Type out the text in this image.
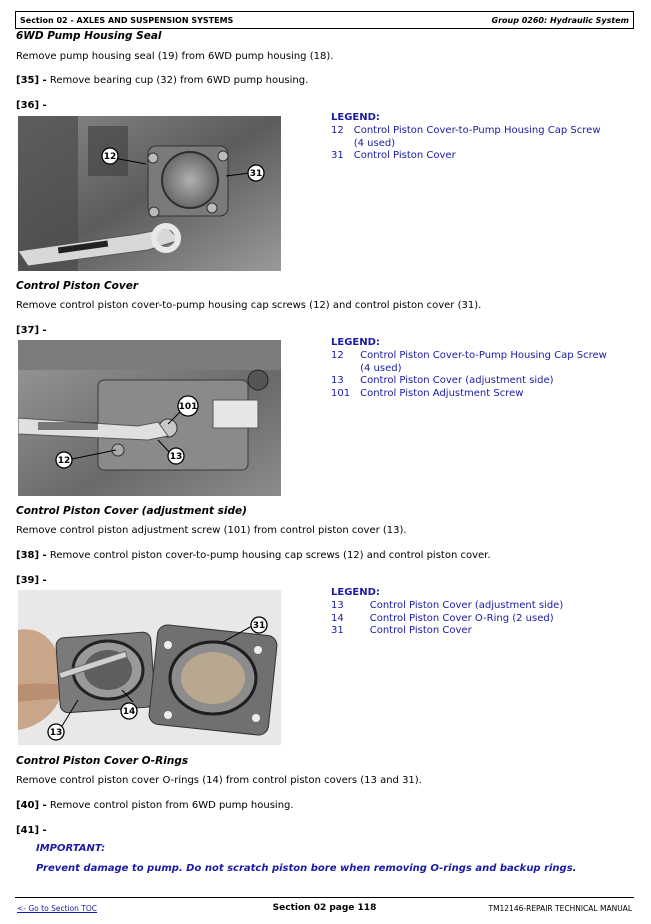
Section 02 - AXLES AND SUSPENSION SYSTEMS	Group 0260: Hydraulic System
6WD Pump Housing Seal
Remove pump housing seal (19) from 6WD pump housing (18).
[35] - Remove bearing cup (32) from 6WD pump housing.
[36] -
12
31
LEGEND:
12	Control Piston Cover-to-Pump Housing Cap Screw (4 used)
31	Control Piston Cover
Control Piston Cover
Remove control piston cover-to-pump housing cap screws (12) and control piston cover (31).
[37] -
101
12	13
LEGEND:
12	Control Piston Cover-to-Pump Housing Cap Screw (4 used)
13	Control Piston Cover (adjustment side)
101	Control Piston Adjustment Screw
Control Piston Cover (adjustment side)
Remove control piston adjustment screw (101) from control piston cover (13).
[38] - Remove control piston cover-to-pump housing cap screws (12) and control piston cover.
[39] -
31
14
13
LEGEND:
13	Control Piston Cover (adjustment side)
14	Control Piston Cover O-Ring (2 used)
31	Control Piston Cover
Control Piston Cover O-Rings
Remove control piston cover O-rings (14) from control piston covers (13 and 31).
[40] - Remove control piston from 6WD pump housing.
[41] -
IMPORTANT:
Prevent damage to pump. Do not scratch piston bore when removing O-rings and backup rings.
<- Go to Section TOC	Section 02 page 118	TM12146-REPAIR TECHNICAL MANUAL
